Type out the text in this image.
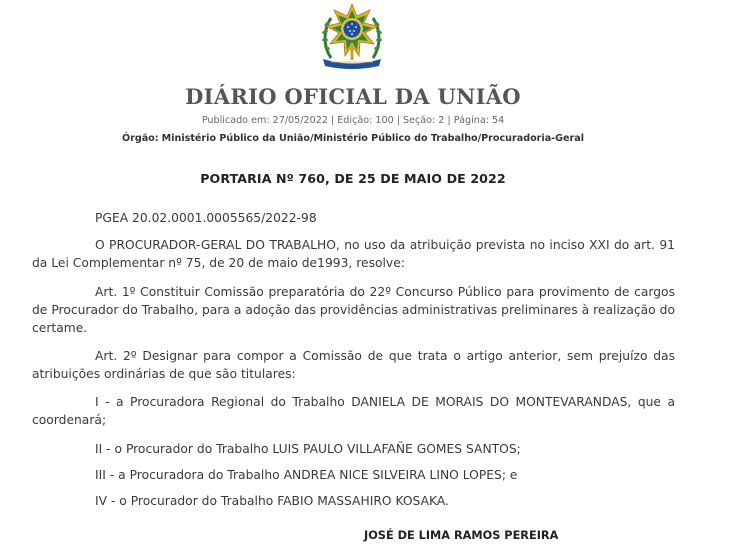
DIÁRIO OFICIAL DA UNIÃO
Publicado em: 27/05/2022 | Edição: 100 | Seção: 2 | Página: 54
Órgão: Ministério Público da União/Ministério Público do Trabalho/Procuradoria-Geral
PORTARIA Nº 760, DE 25 DE MAIO DE 2022

PGEA 20.02.0001.0005565/2022-98

O PROCURADOR-GERAL DO TRABALHO, no uso da atribuição prevista no inciso XXI do art. 91 da Lei Complementar nº 75, de 20 de maio de1993, resolve:

Art. 1º Constituir Comissão preparatória do 22º Concurso Público para provimento de cargos de Procurador do Trabalho, para a adoção das providências administrativas preliminares à realização do certame.

Art. 2º Designar para compor a Comissão de que trata o artigo anterior, sem prejuízo das atribuições ordinárias de que são titulares:

I - a Procuradora Regional do Trabalho DANIELA DE MORAIS DO MONTEVARANDAS, que a coordenará;

II - o Procurador do Trabalho LUIS PAULO VILLAFAÑE GOMES SANTOS;

III - a Procuradora do Trabalho ANDREA NICE SILVEIRA LINO LOPES; e

IV - o Procurador do Trabalho FABIO MASSAHIRO KOSAKA.

JOSÉ DE LIMA RAMOS PEREIRA
